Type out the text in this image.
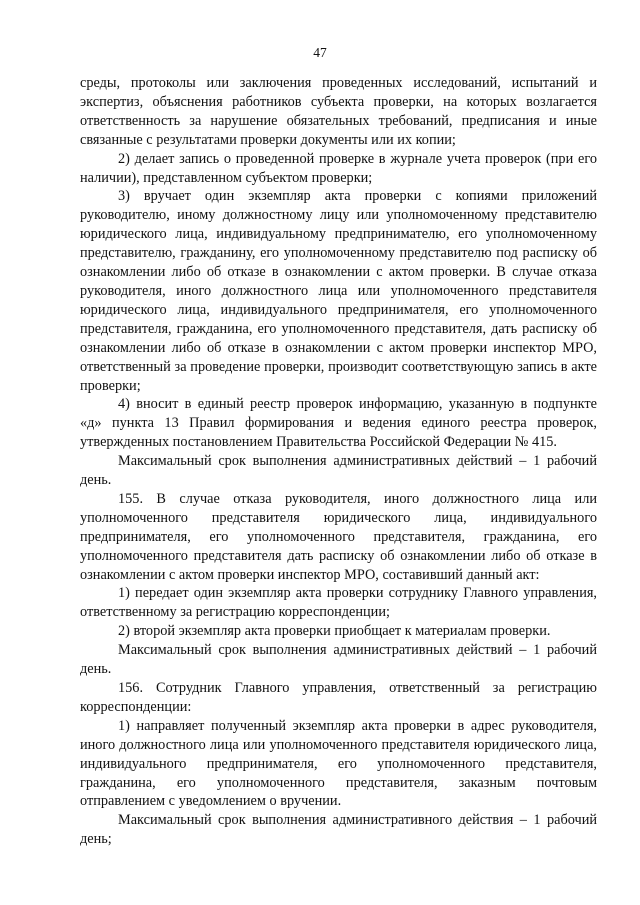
47

среды, протоколы или заключения проведенных исследований, испытаний и экспертиз, объяснения работников субъекта проверки, на которых возлагается ответственность за нарушение обязательных требований, предписания и иные связанные с результатами проверки документы или их копии;

2) делает запись о проведенной проверке в журнале учета проверок (при его наличии), представленном субъектом проверки;

3) вручает один экземпляр акта проверки с копиями приложений руководителю, иному должностному лицу или уполномоченному представителю юридического лица, индивидуальному предпринимателю, его уполномоченному представителю, гражданину, его уполномоченному представителю под расписку об ознакомлении либо об отказе в ознакомлении с актом проверки. В случае отказа руководителя, иного должностного лица или уполномоченного представителя юридического лица, индивидуального предпринимателя, его уполномоченного представителя, гражданина, его уполномоченного представителя, дать расписку об ознакомлении либо об отказе в ознакомлении с актом проверки инспектор МРО, ответственный за проведение проверки, производит соответствующую запись в акте проверки;

4) вносит в единый реестр проверок информацию, указанную в подпункте «д» пункта 13 Правил формирования и ведения единого реестра проверок, утвержденных постановлением Правительства Российской Федерации № 415.

Максимальный срок выполнения административных действий – 1 рабочий день.

155. В случае отказа руководителя, иного должностного лица или уполномоченного представителя юридического лица, индивидуального предпринимателя, его уполномоченного представителя, гражданина, его уполномоченного представителя дать расписку об ознакомлении либо об отказе в ознакомлении с актом проверки инспектор МРО, составивший данный акт:

1) передает один экземпляр акта проверки сотруднику Главного управления, ответственному за регистрацию корреспонденции;

2) второй экземпляр акта проверки приобщает к материалам проверки.

Максимальный срок выполнения административных действий – 1 рабочий день.

156. Сотрудник Главного управления, ответственный за регистрацию корреспонденции:

1) направляет полученный экземпляр акта проверки в адрес руководителя, иного должностного лица или уполномоченного представителя юридического лица, индивидуального предпринимателя, его уполномоченного представителя, гражданина, его уполномоченного представителя, заказным почтовым отправлением с уведомлением о вручении.

Максимальный срок выполнения административного действия – 1 рабочий день;
